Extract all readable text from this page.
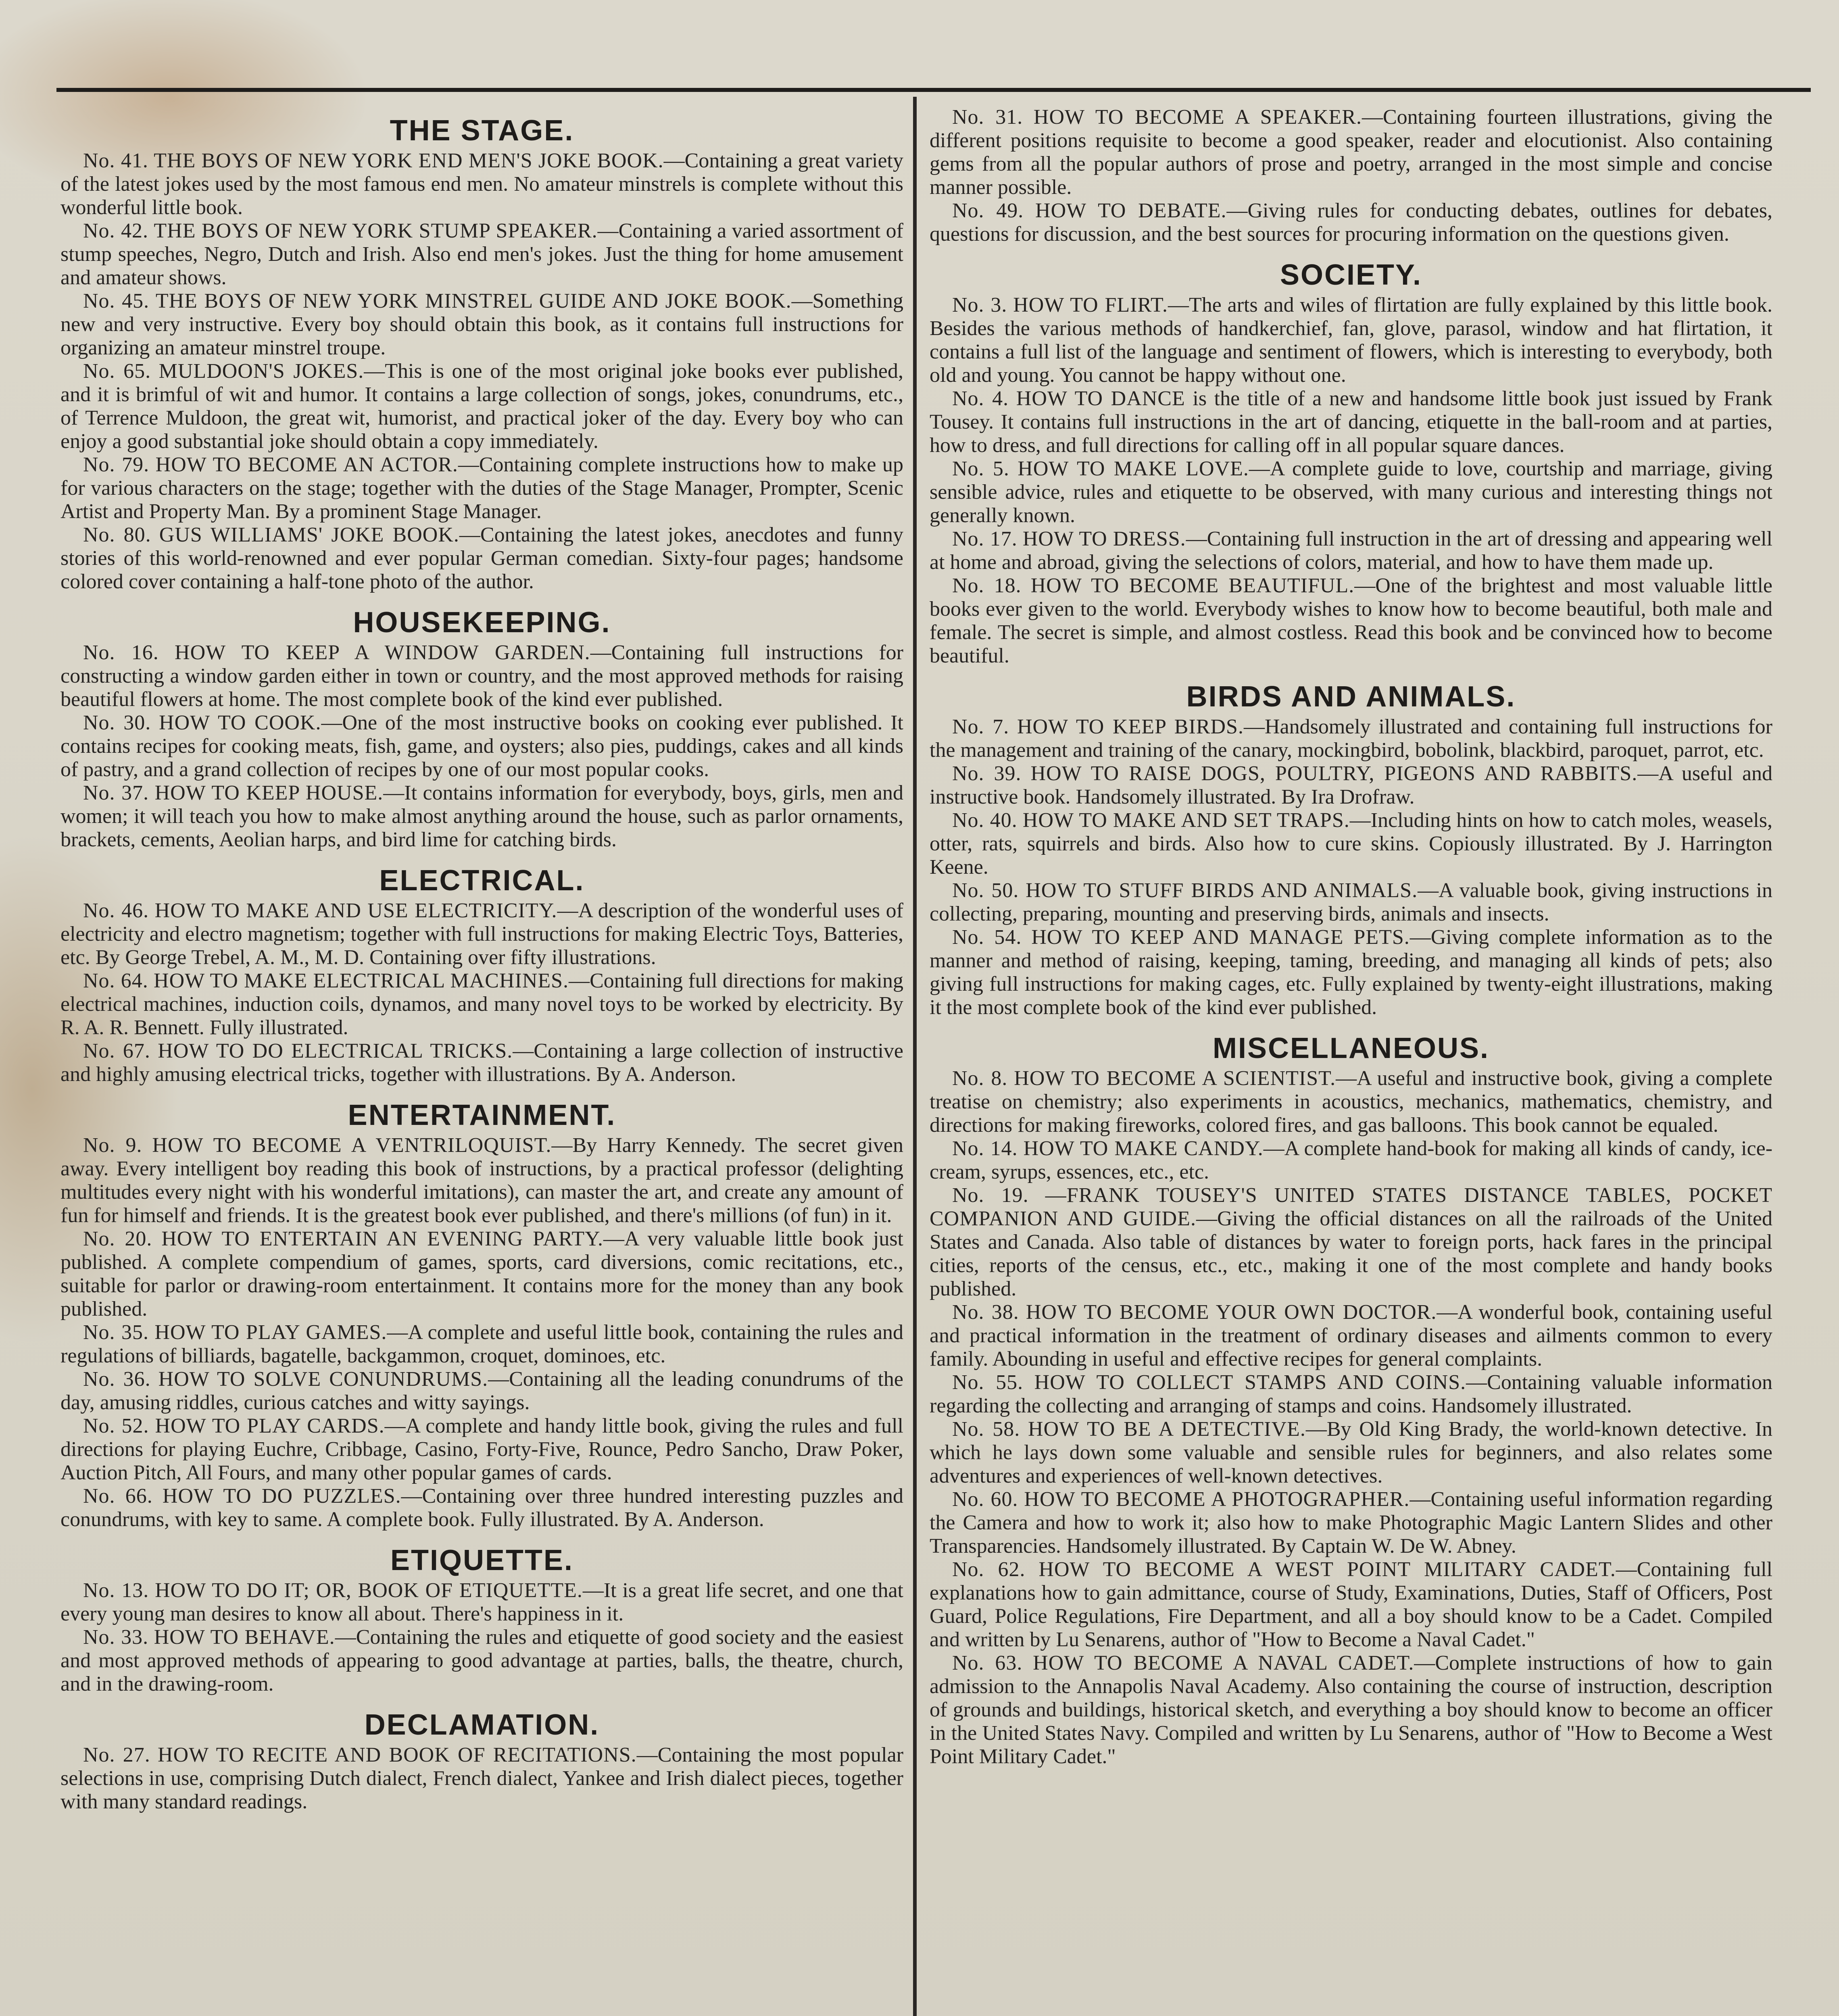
THE STAGE.

No. 41. THE BOYS OF NEW YORK END MEN'S JOKE BOOK.—Containing a great variety of the latest jokes used by the most famous end men. No amateur minstrels is complete without this wonderful little book.

No. 42. THE BOYS OF NEW YORK STUMP SPEAKER.—Containing a varied assortment of stump speeches, Negro, Dutch and Irish. Also end men's jokes. Just the thing for home amusement and amateur shows.

No. 45. THE BOYS OF NEW YORK MINSTREL GUIDE AND JOKE BOOK.—Something new and very instructive. Every boy should obtain this book, as it contains full instructions for organizing an amateur minstrel troupe.

No. 65. MULDOON'S JOKES.—This is one of the most original joke books ever published, and it is brimful of wit and humor. It contains a large collection of songs, jokes, conundrums, etc., of Terrence Muldoon, the great wit, humorist, and practical joker of the day. Every boy who can enjoy a good substantial joke should obtain a copy immediately.

No. 79. HOW TO BECOME AN ACTOR.—Containing complete instructions how to make up for various characters on the stage; together with the duties of the Stage Manager, Prompter, Scenic Artist and Property Man. By a prominent Stage Manager.

No. 80. GUS WILLIAMS' JOKE BOOK.—Containing the latest jokes, anecdotes and funny stories of this world-renowned and ever popular German comedian. Sixty-four pages; handsome colored cover containing a half-tone photo of the author.

HOUSEKEEPING.

No. 16. HOW TO KEEP A WINDOW GARDEN.—Containing full instructions for constructing a window garden either in town or country, and the most approved methods for raising beautiful flowers at home. The most complete book of the kind ever published.

No. 30. HOW TO COOK.—One of the most instructive books on cooking ever published. It contains recipes for cooking meats, fish, game, and oysters; also pies, puddings, cakes and all kinds of pastry, and a grand collection of recipes by one of our most popular cooks.

No. 37. HOW TO KEEP HOUSE.—It contains information for everybody, boys, girls, men and women; it will teach you how to make almost anything around the house, such as parlor ornaments, brackets, cements, Aeolian harps, and bird lime for catching birds.

ELECTRICAL.

No. 46. HOW TO MAKE AND USE ELECTRICITY.—A description of the wonderful uses of electricity and electro magnetism; together with full instructions for making Electric Toys, Batteries, etc. By George Trebel, A. M., M. D. Containing over fifty illustrations.

No. 64. HOW TO MAKE ELECTRICAL MACHINES.—Containing full directions for making electrical machines, induction coils, dynamos, and many novel toys to be worked by electricity. By R. A. R. Bennett. Fully illustrated.

No. 67. HOW TO DO ELECTRICAL TRICKS.—Containing a large collection of instructive and highly amusing electrical tricks, together with illustrations. By A. Anderson.

ENTERTAINMENT.

No. 9. HOW TO BECOME A VENTRILOQUIST.—By Harry Kennedy. The secret given away. Every intelligent boy reading this book of instructions, by a practical professor (delighting multitudes every night with his wonderful imitations), can master the art, and create any amount of fun for himself and friends. It is the greatest book ever published, and there's millions (of fun) in it.

No. 20. HOW TO ENTERTAIN AN EVENING PARTY.—A very valuable little book just published. A complete compendium of games, sports, card diversions, comic recitations, etc., suitable for parlor or drawing-room entertainment. It contains more for the money than any book published.

No. 35. HOW TO PLAY GAMES.—A complete and useful little book, containing the rules and regulations of billiards, bagatelle, backgammon, croquet, dominoes, etc.

No. 36. HOW TO SOLVE CONUNDRUMS.—Containing all the leading conundrums of the day, amusing riddles, curious catches and witty sayings.

No. 52. HOW TO PLAY CARDS.—A complete and handy little book, giving the rules and full directions for playing Euchre, Cribbage, Casino, Forty-Five, Rounce, Pedro Sancho, Draw Poker, Auction Pitch, All Fours, and many other popular games of cards.

No. 66. HOW TO DO PUZZLES.—Containing over three hundred interesting puzzles and conundrums, with key to same. A complete book. Fully illustrated. By A. Anderson.

ETIQUETTE.

No. 13. HOW TO DO IT; OR, BOOK OF ETIQUETTE.—It is a great life secret, and one that every young man desires to know all about. There's happiness in it.

No. 33. HOW TO BEHAVE.—Containing the rules and etiquette of good society and the easiest and most approved methods of appearing to good advantage at parties, balls, the theatre, church, and in the drawing-room.

DECLAMATION.

No. 27. HOW TO RECITE AND BOOK OF RECITATIONS.—Containing the most popular selections in use, comprising Dutch dialect, French dialect, Yankee and Irish dialect pieces, together with many standard readings.

No. 31. HOW TO BECOME A SPEAKER.—Containing fourteen illustrations, giving the different positions requisite to become a good speaker, reader and elocutionist. Also containing gems from all the popular authors of prose and poetry, arranged in the most simple and concise manner possible.

No. 49. HOW TO DEBATE.—Giving rules for conducting debates, outlines for debates, questions for discussion, and the best sources for procuring information on the questions given.

SOCIETY.

No. 3. HOW TO FLIRT.—The arts and wiles of flirtation are fully explained by this little book. Besides the various methods of handkerchief, fan, glove, parasol, window and hat flirtation, it contains a full list of the language and sentiment of flowers, which is interesting to everybody, both old and young. You cannot be happy without one.

No. 4. HOW TO DANCE is the title of a new and handsome little book just issued by Frank Tousey. It contains full instructions in the art of dancing, etiquette in the ball-room and at parties, how to dress, and full directions for calling off in all popular square dances.

No. 5. HOW TO MAKE LOVE.—A complete guide to love, courtship and marriage, giving sensible advice, rules and etiquette to be observed, with many curious and interesting things not generally known.

No. 17. HOW TO DRESS.—Containing full instruction in the art of dressing and appearing well at home and abroad, giving the selections of colors, material, and how to have them made up.

No. 18. HOW TO BECOME BEAUTIFUL.—One of the brightest and most valuable little books ever given to the world. Everybody wishes to know how to become beautiful, both male and female. The secret is simple, and almost costless. Read this book and be convinced how to become beautiful.

BIRDS AND ANIMALS.

No. 7. HOW TO KEEP BIRDS.—Handsomely illustrated and containing full instructions for the management and training of the canary, mockingbird, bobolink, blackbird, paroquet, parrot, etc.

No. 39. HOW TO RAISE DOGS, POULTRY, PIGEONS AND RABBITS.—A useful and instructive book. Handsomely illustrated. By Ira Drofraw.

No. 40. HOW TO MAKE AND SET TRAPS.—Including hints on how to catch moles, weasels, otter, rats, squirrels and birds. Also how to cure skins. Copiously illustrated. By J. Harrington Keene.

No. 50. HOW TO STUFF BIRDS AND ANIMALS.—A valuable book, giving instructions in collecting, preparing, mounting and preserving birds, animals and insects.

No. 54. HOW TO KEEP AND MANAGE PETS.—Giving complete information as to the manner and method of raising, keeping, taming, breeding, and managing all kinds of pets; also giving full instructions for making cages, etc. Fully explained by twenty-eight illustrations, making it the most complete book of the kind ever published.

MISCELLANEOUS.

No. 8. HOW TO BECOME A SCIENTIST.—A useful and instructive book, giving a complete treatise on chemistry; also experiments in acoustics, mechanics, mathematics, chemistry, and directions for making fireworks, colored fires, and gas balloons. This book cannot be equaled.

No. 14. HOW TO MAKE CANDY.—A complete hand-book for making all kinds of candy, ice-cream, syrups, essences, etc., etc.

No. 19. —FRANK TOUSEY'S UNITED STATES DISTANCE TABLES, POCKET COMPANION AND GUIDE.—Giving the official distances on all the railroads of the United States and Canada. Also table of distances by water to foreign ports, hack fares in the principal cities, reports of the census, etc., etc., making it one of the most complete and handy books published.

No. 38. HOW TO BECOME YOUR OWN DOCTOR.—A wonderful book, containing useful and practical information in the treatment of ordinary diseases and ailments common to every family. Abounding in useful and effective recipes for general complaints.

No. 55. HOW TO COLLECT STAMPS AND COINS.—Containing valuable information regarding the collecting and arranging of stamps and coins. Handsomely illustrated.

No. 58. HOW TO BE A DETECTIVE.—By Old King Brady, the world-known detective. In which he lays down some valuable and sensible rules for beginners, and also relates some adventures and experiences of well-known detectives.

No. 60. HOW TO BECOME A PHOTOGRAPHER.—Containing useful information regarding the Camera and how to work it; also how to make Photographic Magic Lantern Slides and other Transparencies. Handsomely illustrated. By Captain W. De W. Abney.

No. 62. HOW TO BECOME A WEST POINT MILITARY CADET.—Containing full explanations how to gain admittance, course of Study, Examinations, Duties, Staff of Officers, Post Guard, Police Regulations, Fire Department, and all a boy should know to be a Cadet. Compiled and written by Lu Senarens, author of "How to Become a Naval Cadet."

No. 63. HOW TO BECOME A NAVAL CADET.—Complete instructions of how to gain admission to the Annapolis Naval Academy. Also containing the course of instruction, description of grounds and buildings, historical sketch, and everything a boy should know to become an officer in the United States Navy. Compiled and written by Lu Senarens, author of "How to Become a West Point Military Cadet."
